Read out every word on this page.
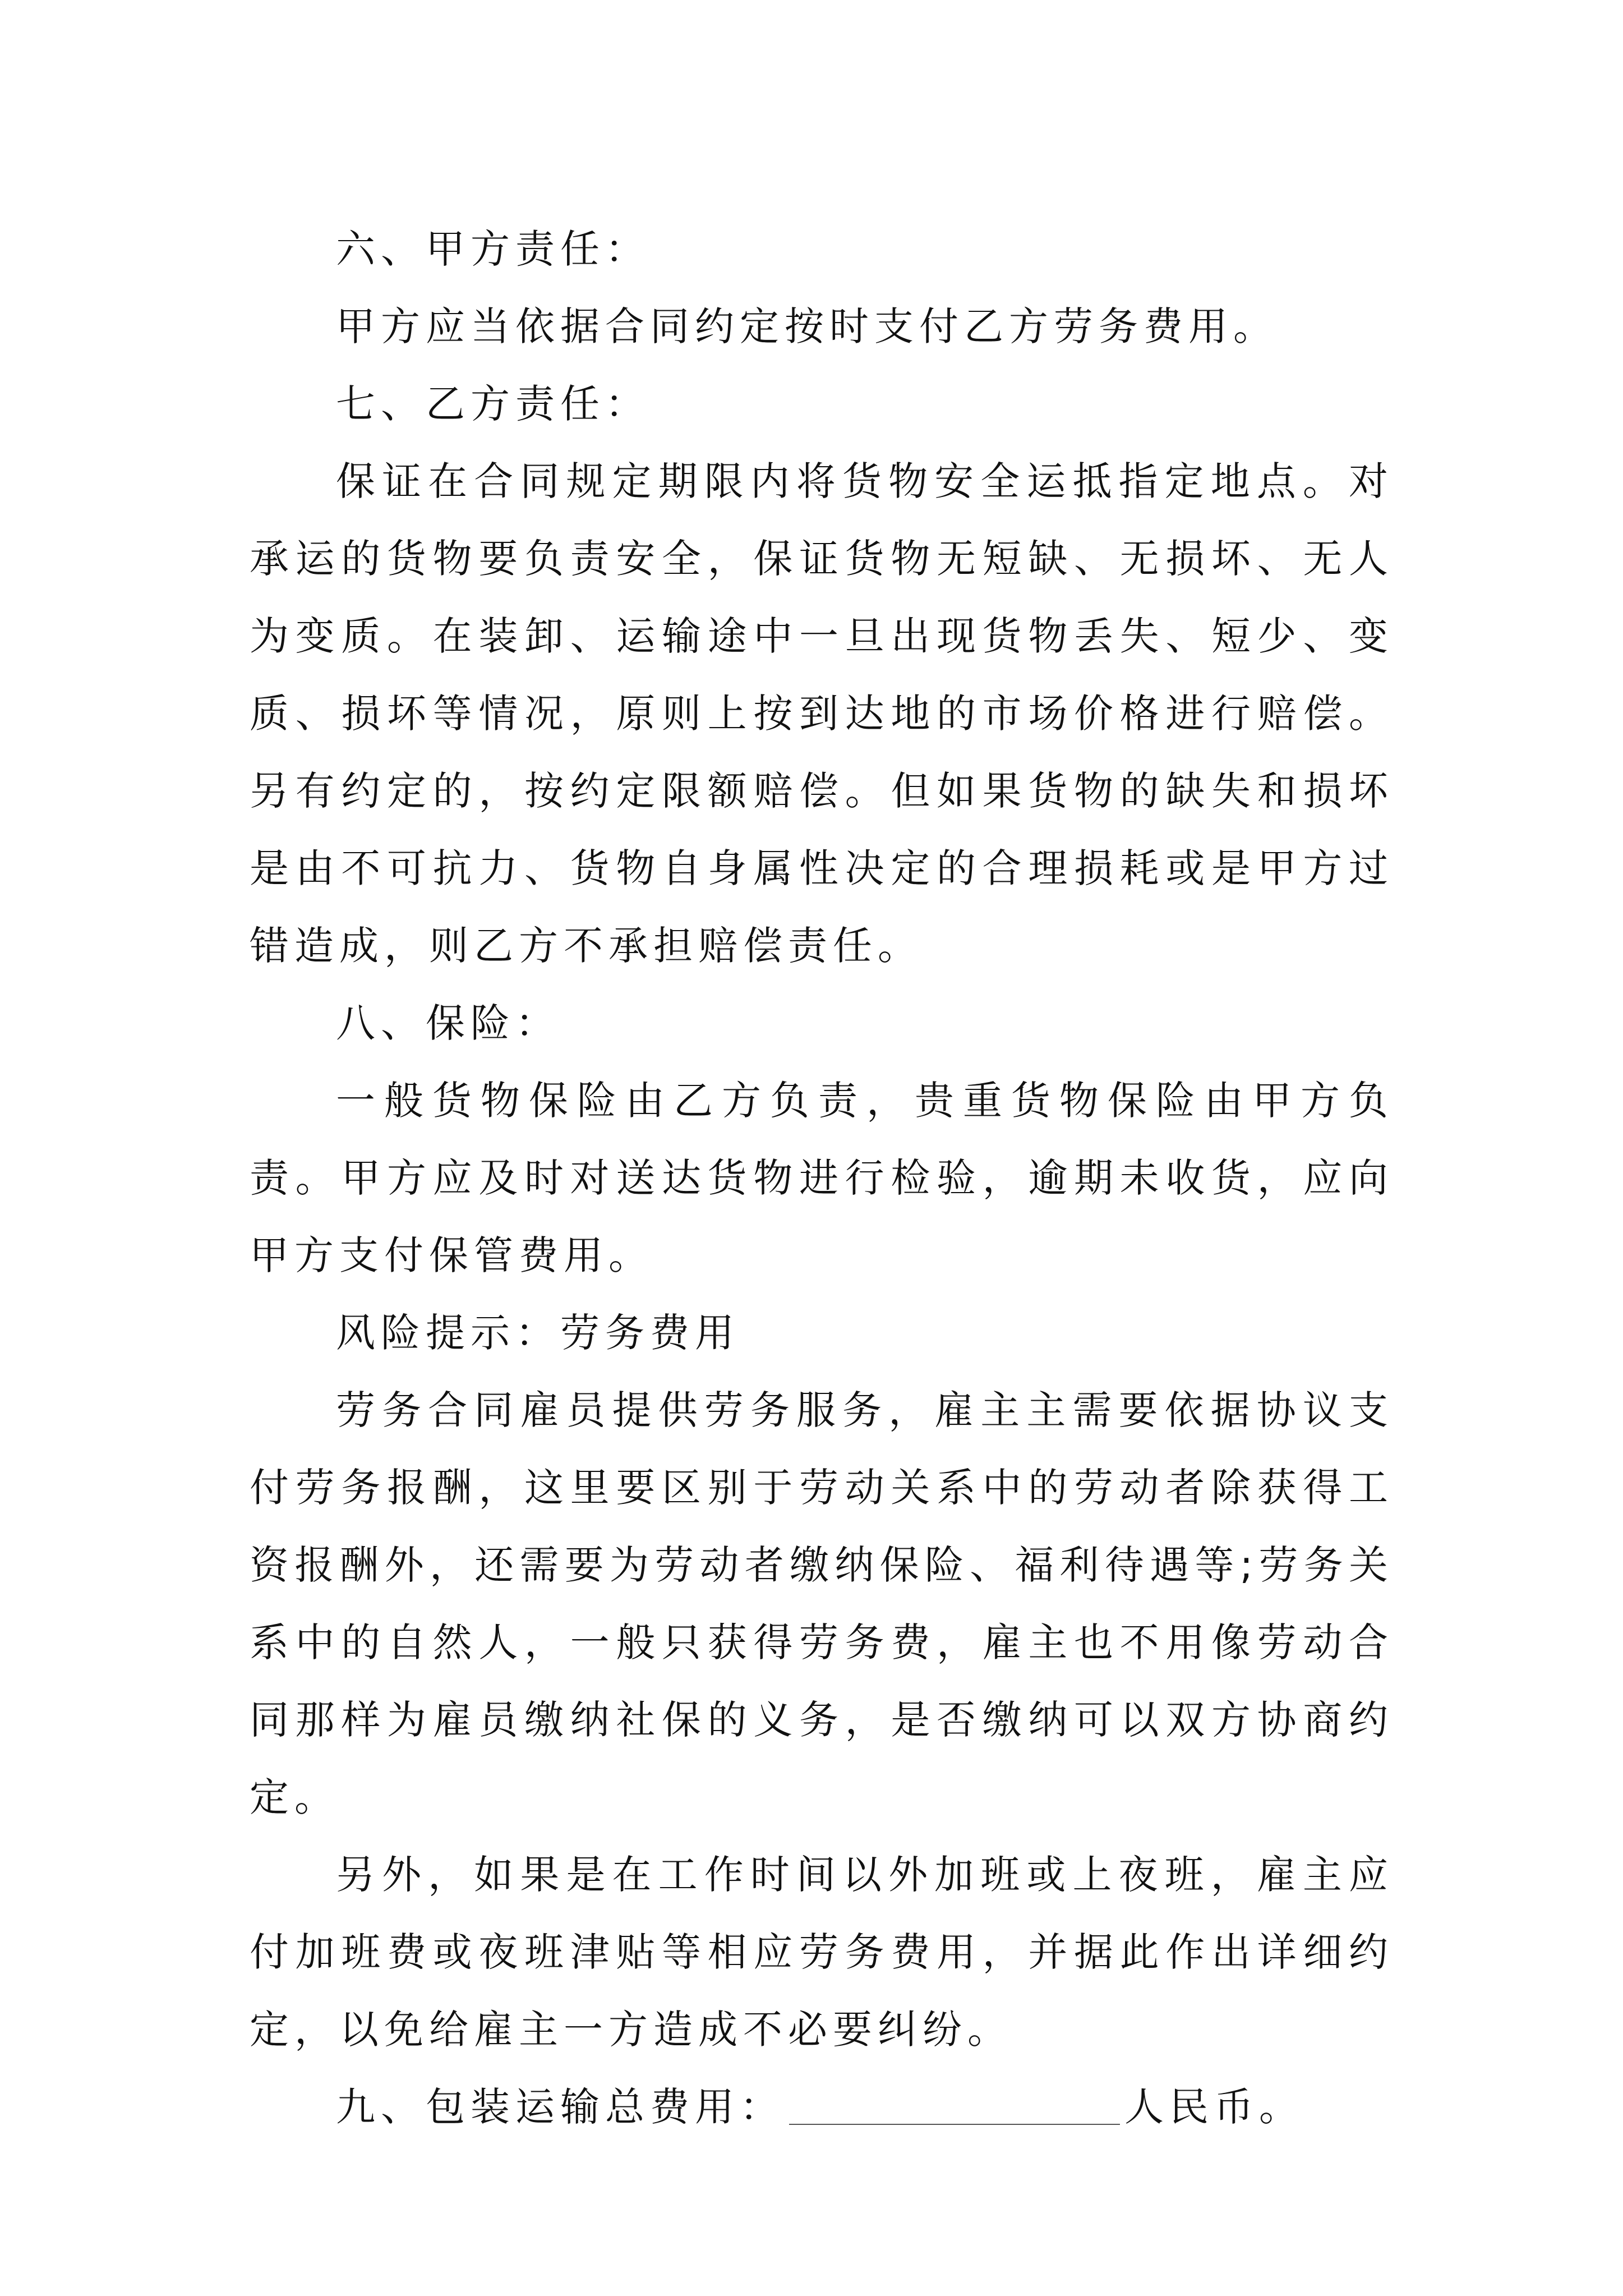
六、甲方责任：

甲方应当依据合同约定按时支付乙方劳务费用。

七、乙方责任：

保证在合同规定期限内将货物安全运抵指定地点。对承运的货物要负责安全，保证货物无短缺、无损坏、无人为变质。在装卸、运输途中一旦出现货物丢失、短少、变质、损坏等情况，原则上按到达地的市场价格进行赔偿。另有约定的，按约定限额赔偿。但如果货物的缺失和损坏是由不可抗力、货物自身属性决定的合理损耗或是甲方过错造成，则乙方不承担赔偿责任。

八、保险：

一般货物保险由乙方负责，贵重货物保险由甲方负责。甲方应及时对送达货物进行检验，逾期未收货，应向甲方支付保管费用。

风险提示：劳务费用

劳务合同雇员提供劳务服务，雇主主需要依据协议支付劳务报酬，这里要区别于劳动关系中的劳动者除获得工资报酬外，还需要为劳动者缴纳保险、福利待遇等;劳务关系中的自然人，一般只获得劳务费，雇主也不用像劳动合同那样为雇员缴纳社保的义务，是否缴纳可以双方协商约定。

另外，如果是在工作时间以外加班或上夜班，雇主应付加班费或夜班津贴等相应劳务费用，并据此作出详细约定，以免给雇主一方造成不必要纠纷。

九、包装运输总费用：	人民币。
